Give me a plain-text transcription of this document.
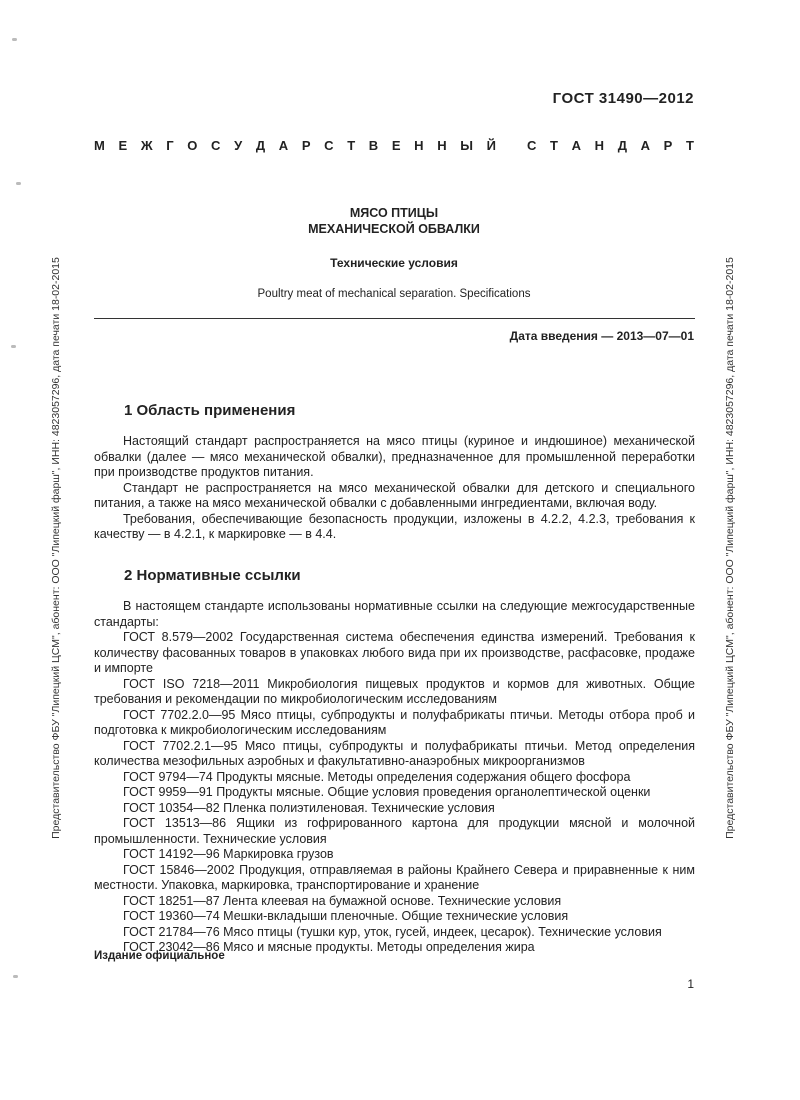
Представительство ФБУ "Липецкий ЦСМ", абонент: ООО "Липецкий фарш", ИНН: 4823057296, дата печати 18-02-2015	Представительство ФБУ "Липецкий ЦСМ", абонент: ООО "Липецкий фарш", ИНН: 4823057296, дата печати 18-02-2015
ГОСТ 31490—2012
М Е Ж Г О С У Д А Р С Т В Е Н Н Ы Й
С Т А Н Д А Р Т
МЯСО ПТИЦЫ
МЕХАНИЧЕСКОЙ ОБВАЛКИ
Технические условия
Poultry meat of mechanical separation. Specifications
Дата введения — 2013—07—01
1 Область применения

Настоящий стандарт распространяется на мясо птицы (куриное и индюшиное) механической обвалки (далее — мясо механической обвалки), предназначенное для промышленной переработки при производстве продуктов питания.

Стандарт не распространяется на мясо механической обвалки для детского и специального питания, а также на мясо механической обвалки с добавленными ингредиентами, включая воду.

Требования, обеспечивающие безопасность продукции, изложены в 4.2.2, 4.2.3, требования к качеству — в 4.2.1, к маркировке — в 4.4.

2 Нормативные ссылки

В настоящем стандарте использованы нормативные ссылки на следующие межгосударственные стандарты:

ГОСТ 8.579—2002 Государственная система обеспечения единства измерений. Требования к количеству фасованных товаров в упаковках любого вида при их производстве, расфасовке, продаже и импорте

ГОСТ ISO 7218—2011 Микробиология пищевых продуктов и кормов для животных. Общие требования и рекомендации по микробиологическим исследованиям

ГОСТ 7702.2.0—95 Мясо птицы, субпродукты и полуфабрикаты птичьи. Методы отбора проб и подготовка к микробиологическим исследованиям

ГОСТ 7702.2.1—95 Мясо птицы, субпродукты и полуфабрикаты птичьи. Метод определения количества мезофильных аэробных и факультативно-анаэробных микроорганизмов

ГОСТ 9794—74 Продукты мясные. Методы определения содержания общего фосфора

ГОСТ 9959—91 Продукты мясные. Общие условия проведения органолептической оценки

ГОСТ 10354—82 Пленка полиэтиленовая. Технические условия

ГОСТ 13513—86 Ящики из гофрированного картона для продукции мясной и молочной промышленности. Технические условия

ГОСТ 14192—96 Маркировка грузов

ГОСТ 15846—2002 Продукция, отправляемая в районы Крайнего Севера и приравненные к ним местности. Упаковка, маркировка, транспортирование и хранение

ГОСТ 18251—87 Лента клеевая на бумажной основе. Технические условия

ГОСТ 19360—74 Мешки-вкладыши пленочные. Общие технические условия

ГОСТ 21784—76 Мясо птицы (тушки кур, уток, гусей, индеек, цесарок). Технические условия

ГОСТ 23042—86 Мясо и мясные продукты. Методы определения жира

Издание официальное
1
